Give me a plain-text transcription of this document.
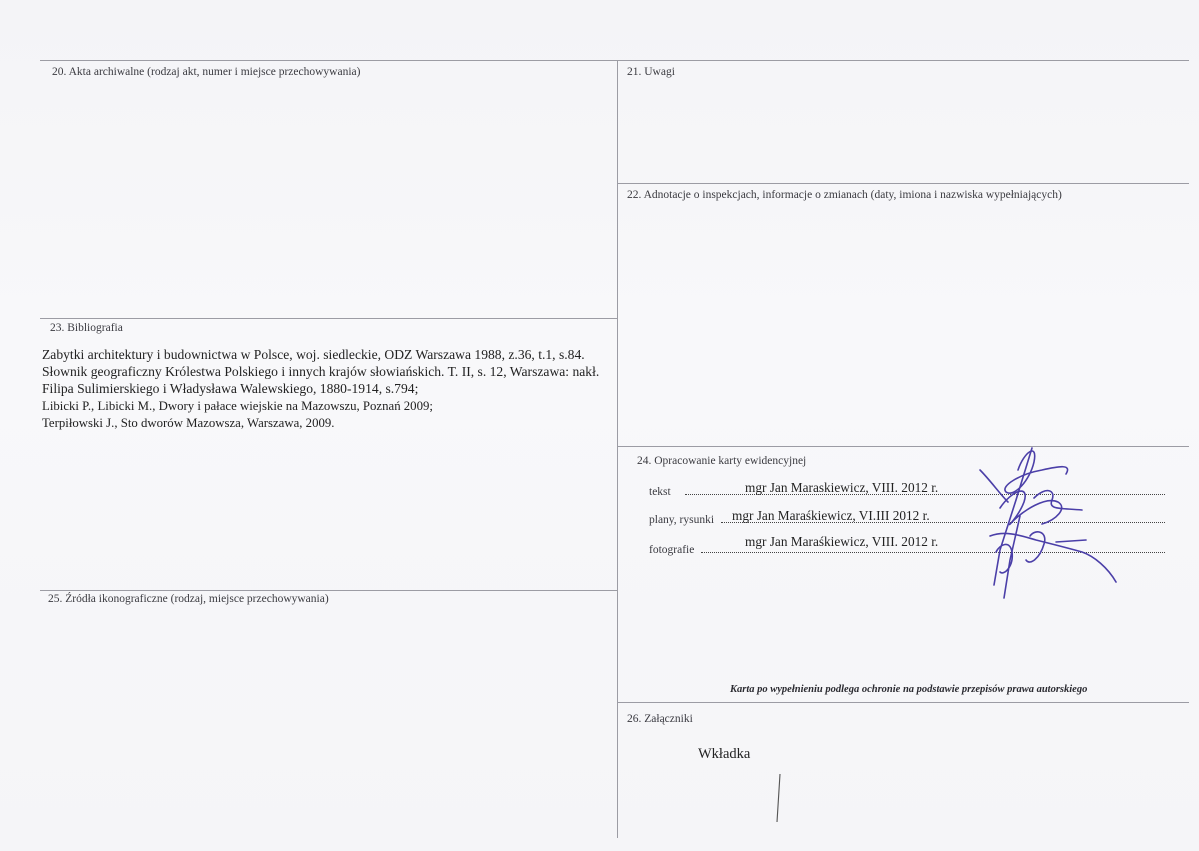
20. Akta archiwalne (rodzaj akt, numer i miejsce przechowywania)	21. Uwagi
22. Adnotacje o inspekcjach, informacje o zmianach (daty, imiona i nazwiska wypełniających)
23. Bibliografia
24. Opracowanie karty ewidencyjnej
25. Źródła ikonograficzne (rodzaj, miejsce przechowywania)
26. Załączniki
Zabytki architektury i budownictwa w Polsce, woj. siedleckie, ODZ Warszawa 1988, z.36, t.1, s.84.
Słownik geograficzny Królestwa Polskiego i innych krajów słowiańskich. T. II, s. 12, Warszawa: nakł. Filipa Sulimierskiego i Władysława Walewskiego, 1880-1914, s.794;
Libicki P., Libicki M., Dwory i pałace wiejskie na Mazowszu, Poznań 2009;
Terpiłowski J., Sto dworów Mazowsza, Warszawa, 2009.
tekst	mgr Jan Maraskiewicz, VIII. 2012 r.
plany, rysunki mgr Jan Maraśkiewicz, VI.III 2012 r.
fotografie
mgr Jan Maraśkiewicz, VIII. 2012 r.
Karta po wypełnieniu podlega ochronie na podstawie przepisów prawa autorskiego
Wkładka
